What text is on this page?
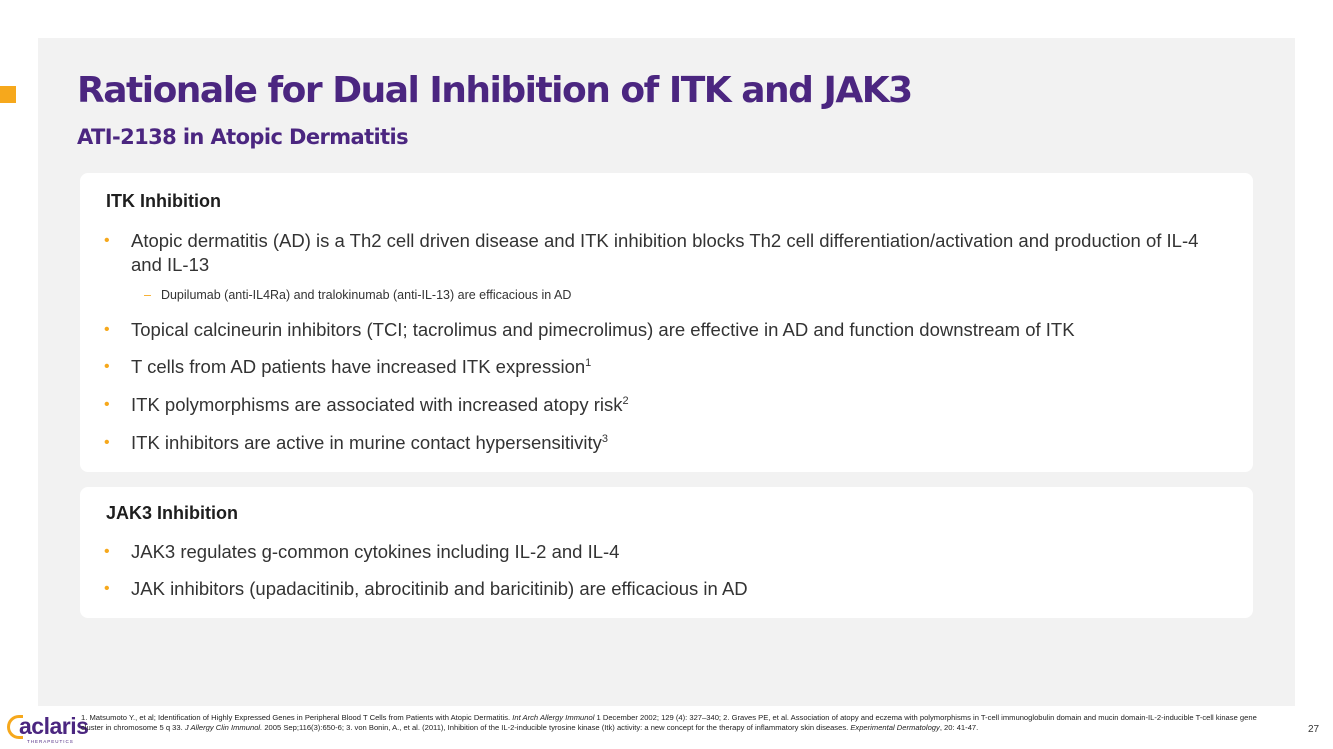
Rationale for Dual Inhibition of ITK and JAK3
ATI-2138 in Atopic Dermatitis
ITK Inhibition
• Atopic dermatitis (AD) is a Th2 cell driven disease and ITK inhibition blocks Th2 cell differentiation/activation and production of IL-4 and IL-13
– Dupilumab (anti-IL4Ra) and tralokinumab (anti-IL-13) are efficacious in AD
• Topical calcineurin inhibitors (TCI; tacrolimus and pimecrolimus) are effective in AD and function downstream of ITK
• T cells from AD patients have increased ITK expression$^1$
• ITK polymorphisms are associated with increased atopy risk$^2$
• ITK inhibitors are active in murine contact hypersensitivity$^3$
JAK3 Inhibition
• JAK3 regulates g-common cytokines including IL-2 and IL-4
• JAK inhibitors (upadacitinib, abrocitinib and baricitinib) are efficacious in AD
aclaris
THERAPEUTICS
1. Matsumoto Y., et al; Identification of Highly Expressed Genes in Peripheral Blood T Cells from Patients with Atopic Dermatitis. Int Arch Allergy Immunol 1 December 2002; 129 (4): 327–340; 2. Graves PE, et al. Association of atopy and eczema with polymorphisms in T-cell immunoglobulin domain and mucin domain-IL-2-inducible T-cell kinase gene cluster in chromosome 5 q 33. J Allergy Clin Immunol. 2005 Sep;116(3):650-6; 3. von Bonin, A., et al. (2011), Inhibition of the IL-2-inducible tyrosine kinase (Itk) activity: a new concept for the therapy of inflammatory skin diseases. Experimental Dermatology, 20: 41-47.	27
